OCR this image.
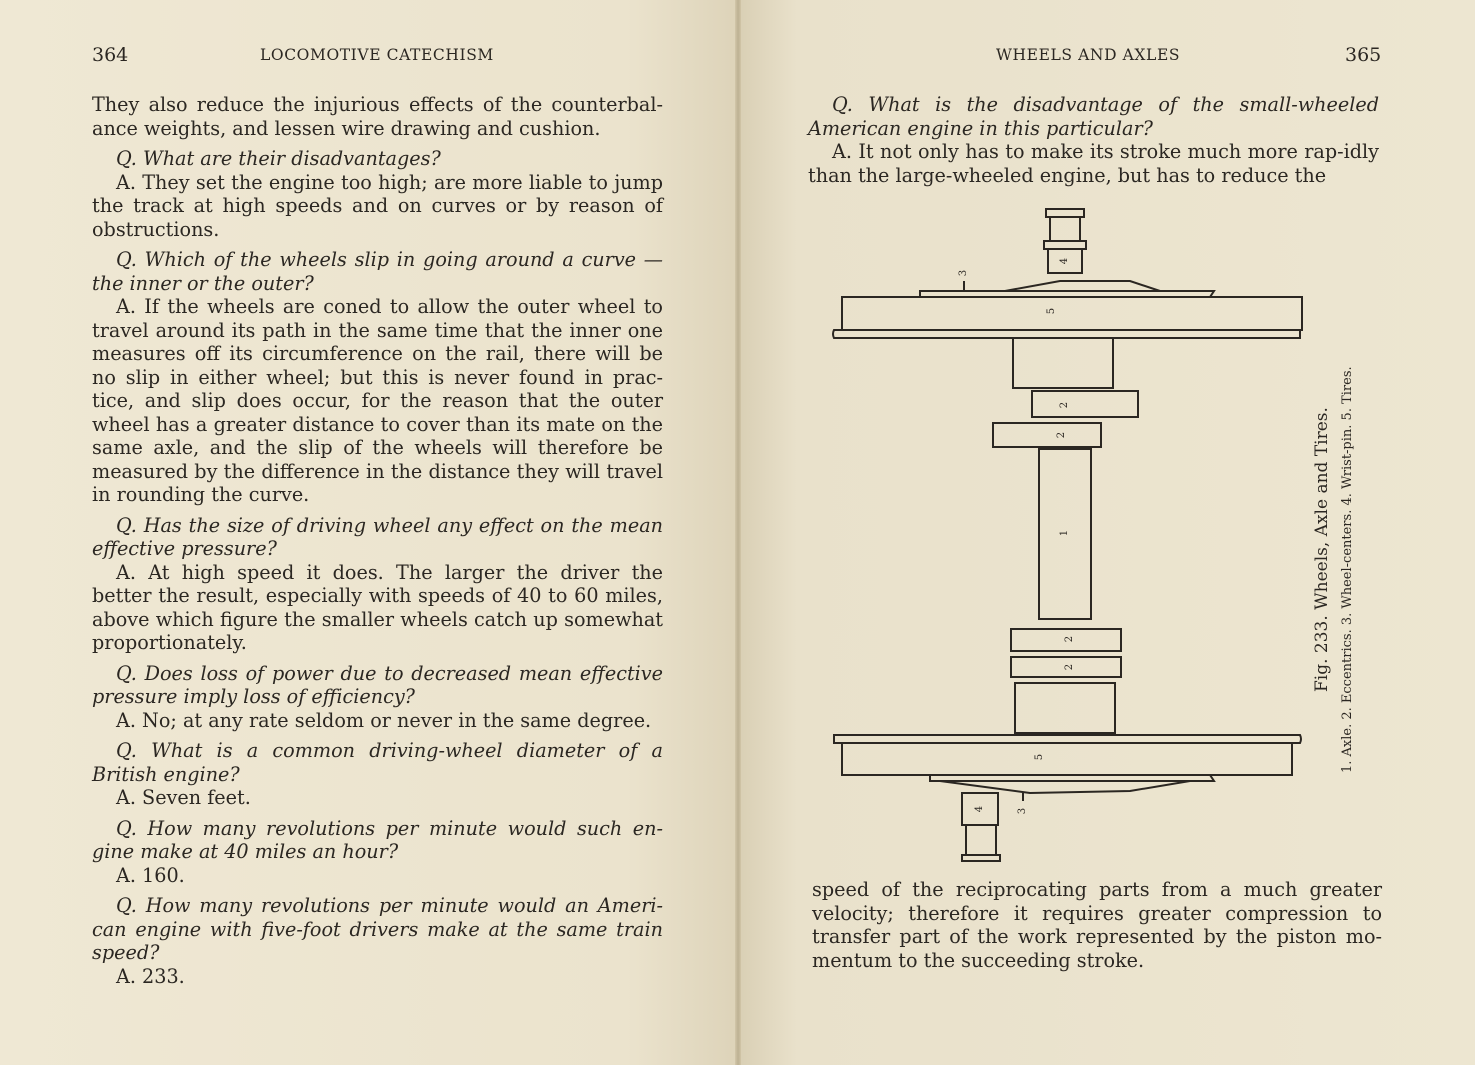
364	LOCOMOTIVE CATECHISM

They also reduce the injurious effects of the counterbal-ance weights, and lessen wire drawing and cushion.

Q. What are their disadvantages?

A. They set the engine too high; are more liable to jump the track at high speeds and on curves or by reason of obstructions.

Q. Which of the wheels slip in going around a curve —the inner or the outer?

A. If the wheels are coned to allow the outer wheel to travel around its path in the same time that the inner one measures off its circumference on the rail, there will be no slip in either wheel; but this is never found in prac-tice, and slip does occur, for the reason that the outer wheel has a greater distance to cover than its mate on the same axle, and the slip of the wheels will therefore be measured by the difference in the distance they will travel in rounding the curve.

Q. Has the size of driving wheel any effect on the mean effective pressure?

A. At high speed it does. The larger the driver the better the result, especially with speeds of 40 to 60 miles, above which figure the smaller wheels catch up somewhat proportionately.

Q. Does loss of power due to decreased mean effective pressure imply loss of efficiency?

A. No; at any rate seldom or never in the same degree.

Q. What is a common driving-wheel diameter of a British engine?

A. Seven feet.

Q. How many revolutions per minute would such en-gine make at 40 miles an hour?

A. 160.

Q. How many revolutions per minute would an Ameri-can engine with five-foot drivers make at the same train speed?

A. 233.

WHEELS AND AXLES	365

Q. What is the disadvantage of the small-wheeled American engine in this particular?

A. It not only has to make its stroke much more rap-idly than the large-wheeled engine, but has to reduce the

4
3
5
2
2
1
2
2
5
4	3
Fig. 233. Wheels, Axle and Tires. 1. Axle. 2. Eccentrics. 3. Wheel-centers. 4. Wrist-pin. 5. Tires.

speed of the reciprocating parts from a much greater velocity; therefore it requires greater compression to transfer part of the work represented by the piston mo-mentum to the succeeding stroke.
